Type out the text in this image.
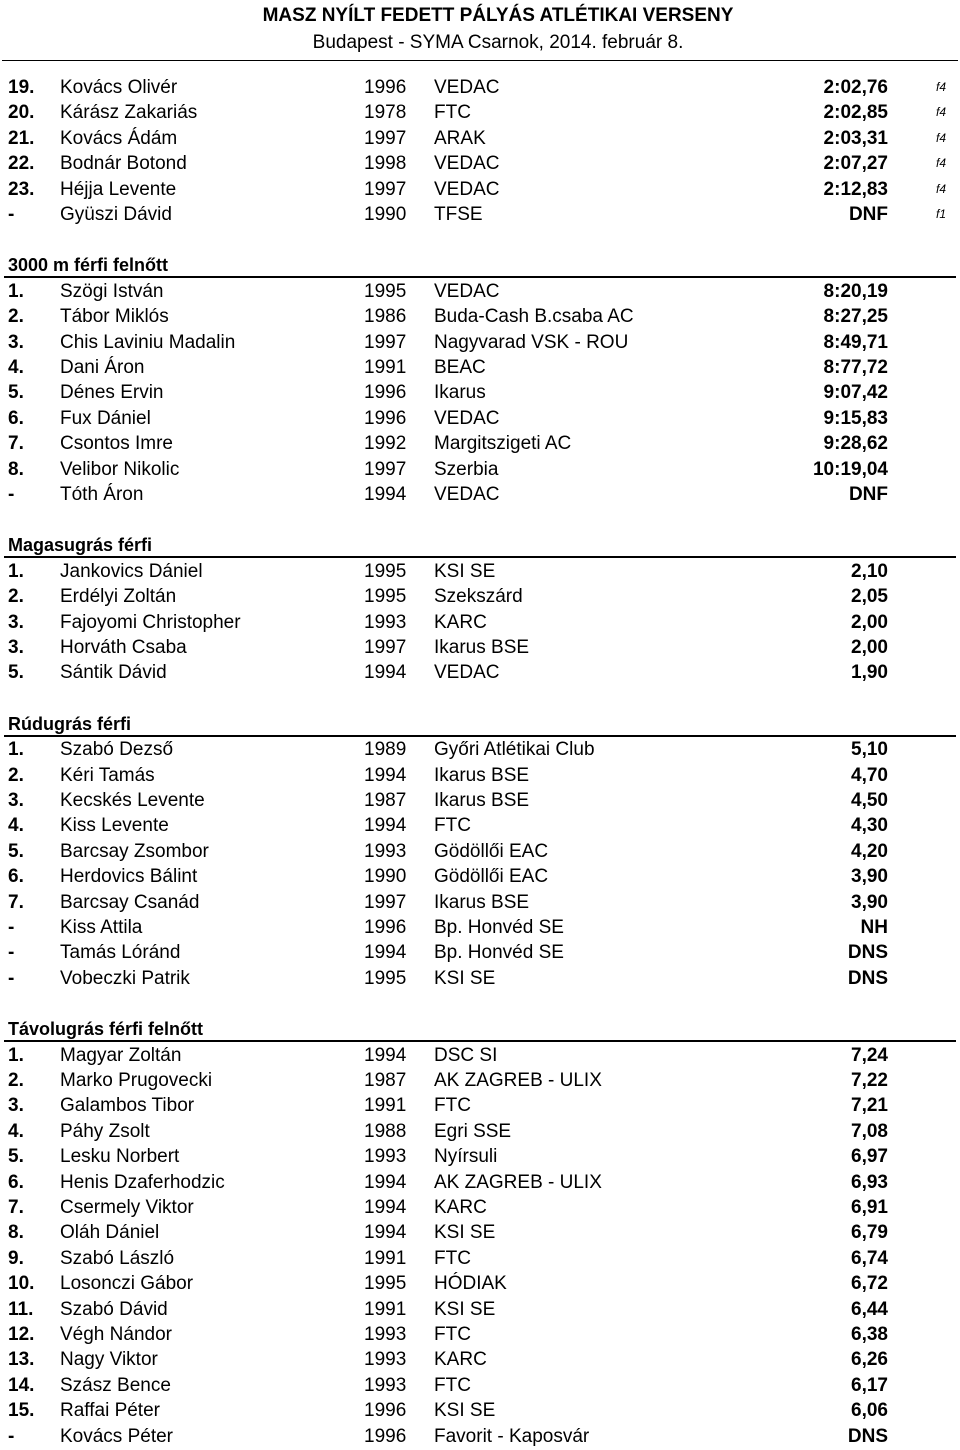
MASZ NYÍLT FEDETT PÁLYÁS ATLÉTIKAI VERSENY
Budapest - SYMA Csarnok, 2014. február 8.
19. Kovács Olivér	1996 VEDAC	2:02,76	f4
20. Kárász Zakariás	1978 FTC	2:02,85	f4
21. Kovács Ádám	1997 ARAK	2:03,31	f4
22. Bodnár Botond	1998 VEDAC	2:07,27	f4
23. Héjja Levente	1997 VEDAC	2:12,83	f4
- Gyüszi Dávid	1990 TFSE	DNF	f1
3000 m férfi felnőtt
1. Szögi István	1995 VEDAC	8:20,19
2. Tábor Miklós	1986 Buda-Cash B.csaba AC	8:27,25
3. Chis Laviniu Madalin	1997 Nagyvarad VSK - ROU	8:49,71
4. Dani Áron	1991 BEAC	8:77,72
5. Dénes Ervin	1996 Ikarus	9:07,42
6. Fux Dániel	1996 VEDAC	9:15,83
7. Csontos Imre	1992 Margitszigeti AC	9:28,62
8. Velibor Nikolic	1997 Szerbia	10:19,04
- Tóth Áron	1994 VEDAC	DNF
Magasugrás férfi
1. Jankovics Dániel	1995 KSI SE	2,10
2. Erdélyi Zoltán	1995 Szekszárd	2,05
3. Fajoyomi Christopher	1993 KARC	2,00
3. Horváth Csaba	1997 Ikarus BSE	2,00
5. Sántik Dávid	1994 VEDAC	1,90
Rúdugrás férfi
1. Szabó Dezső	1989 Győri Atlétikai Club	5,10
2. Kéri Tamás	1994 Ikarus BSE	4,70
3. Kecskés Levente	1987 Ikarus BSE	4,50
4. Kiss Levente	1994 FTC	4,30
5. Barcsay Zsombor	1993 Gödöllői EAC	4,20
6. Herdovics Bálint	1990 Gödöllői EAC	3,90
7. Barcsay Csanád	1997 Ikarus BSE	3,90
- Kiss Attila	1996 Bp. Honvéd SE	NH
- Tamás Lóránd	1994 Bp. Honvéd SE	DNS
- Vobeczki Patrik	1995 KSI SE	DNS
Távolugrás férfi felnőtt
1. Magyar Zoltán	1994 DSC SI	7,24
2. Marko Prugovecki	1987 AK ZAGREB - ULIX	7,22
3. Galambos Tibor	1991 FTC	7,21
4. Páhy Zsolt	1988 Egri SSE	7,08
5. Lesku Norbert	1993 Nyírsuli	6,97
6. Henis Dzaferhodzic	1994 AK ZAGREB - ULIX	6,93
7. Csermely Viktor	1994 KARC	6,91
8. Oláh Dániel	1994 KSI SE	6,79
9. Szabó László	1991 FTC	6,74
10. Losonczi Gábor	1995 HÓDIAK	6,72
11. Szabó Dávid	1991 KSI SE	6,44
12. Végh Nándor	1993 FTC	6,38
13. Nagy Viktor	1993 KARC	6,26
14. Szász Bence	1993 FTC	6,17
15. Raffai Péter	1996 KSI SE	6,06
- Kovács Péter	1996 Favorit - Kaposvár	DNS
